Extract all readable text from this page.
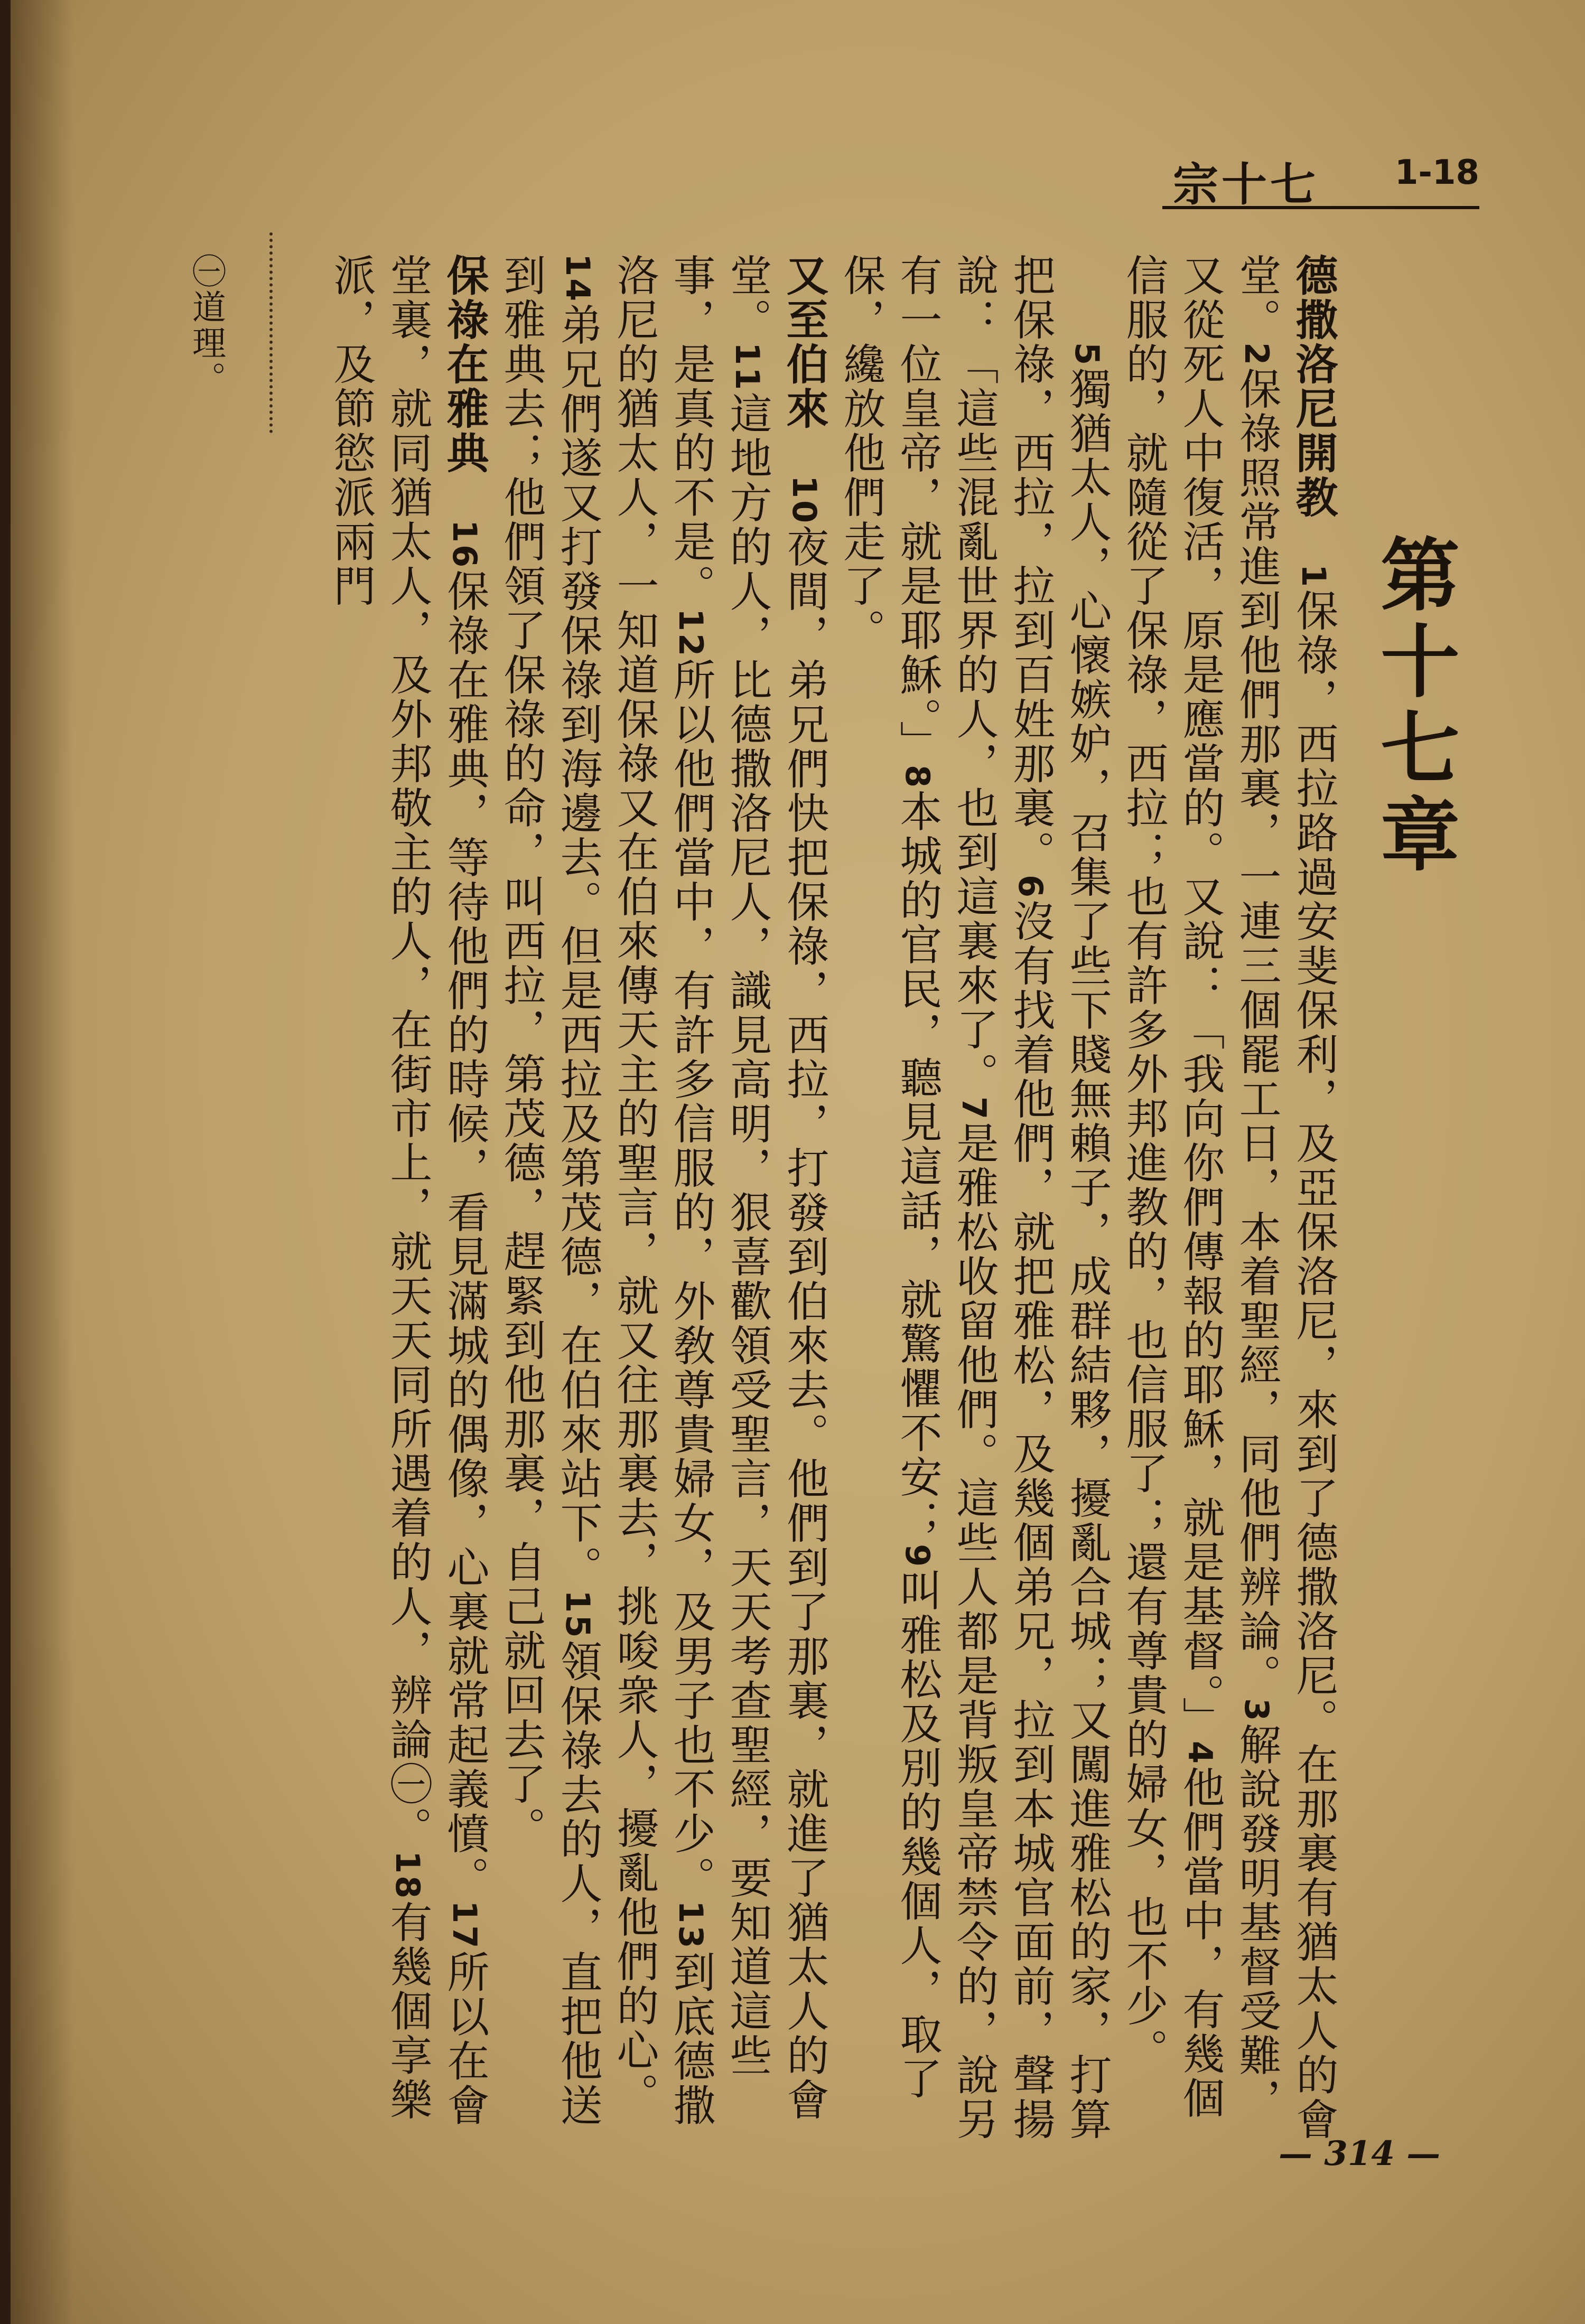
宗十七 1-18
第十七章

德撒洛尼開教　1保祿，西拉路過安斐保利，及亞保洛尼，來到了德撒洛尼。在那裏有猶太人的會堂。2保祿照常進到他們那裏，一連三個罷工日，本着聖經，同他們辨論。3解說發明基督受難，又從死人中復活，原是應當的。又說：「我向你們傳報的耶穌，就是基督。」4他們當中，有幾個信服的，就隨從了保祿，西拉；也有許多外邦進教的，也信服了；還有尊貴的婦女，也不少。

　　5獨猶太人，心懷嫉妒，召集了些下賤無賴子，成群結夥，擾亂合城；又闖進雅松的家，打算把保祿，西拉，拉到百姓那裏。6沒有找着他們，就把雅松，及幾個弟兄，拉到本城官面前，聲揚說：「這些混亂世界的人，也到這裏來了。7是雅松收留他們。這些人都是背叛皇帝禁令的，說另有一位皇帝，就是耶穌。」8本城的官民，聽見這話，就驚懼不安；9叫雅松及別的幾個人，取了保，纔放他們走了。

又至伯來　10夜間，弟兄們快把保祿，西拉，打發到伯來去。他們到了那裏，就進了猶太人的會堂。11這地方的人，比德撒洛尼人，識見高明，狠喜歡領受聖言，天天考查聖經，要知道這些事，是真的不是。12所以他們當中，有許多信服的，外敎尊貴婦女，及男子也不少。13到底德撒洛尼的猶太人，一知道保祿又在伯來傳天主的聖言，就又往那裏去，挑唆衆人，擾亂他們的心。14弟兄們遂又打發保祿到海邊去。但是西拉及第茂德，在伯來站下。15領保祿去的人，直把他送到雅典去；他們領了保祿的命，叫西拉，第茂德，趕緊到他那裏，自己就回去了。

保祿在雅典　16保祿在雅典，等待他們的時候，看見滿城的偶像，心裏就常起義憤。17所以在會堂裏，就同猶太人，及外邦敬主的人，在街市上，就天天同所遇着的人，辨論㊀。18有幾個享樂派，及節慾派兩門

㊀道理。
— 314 —
